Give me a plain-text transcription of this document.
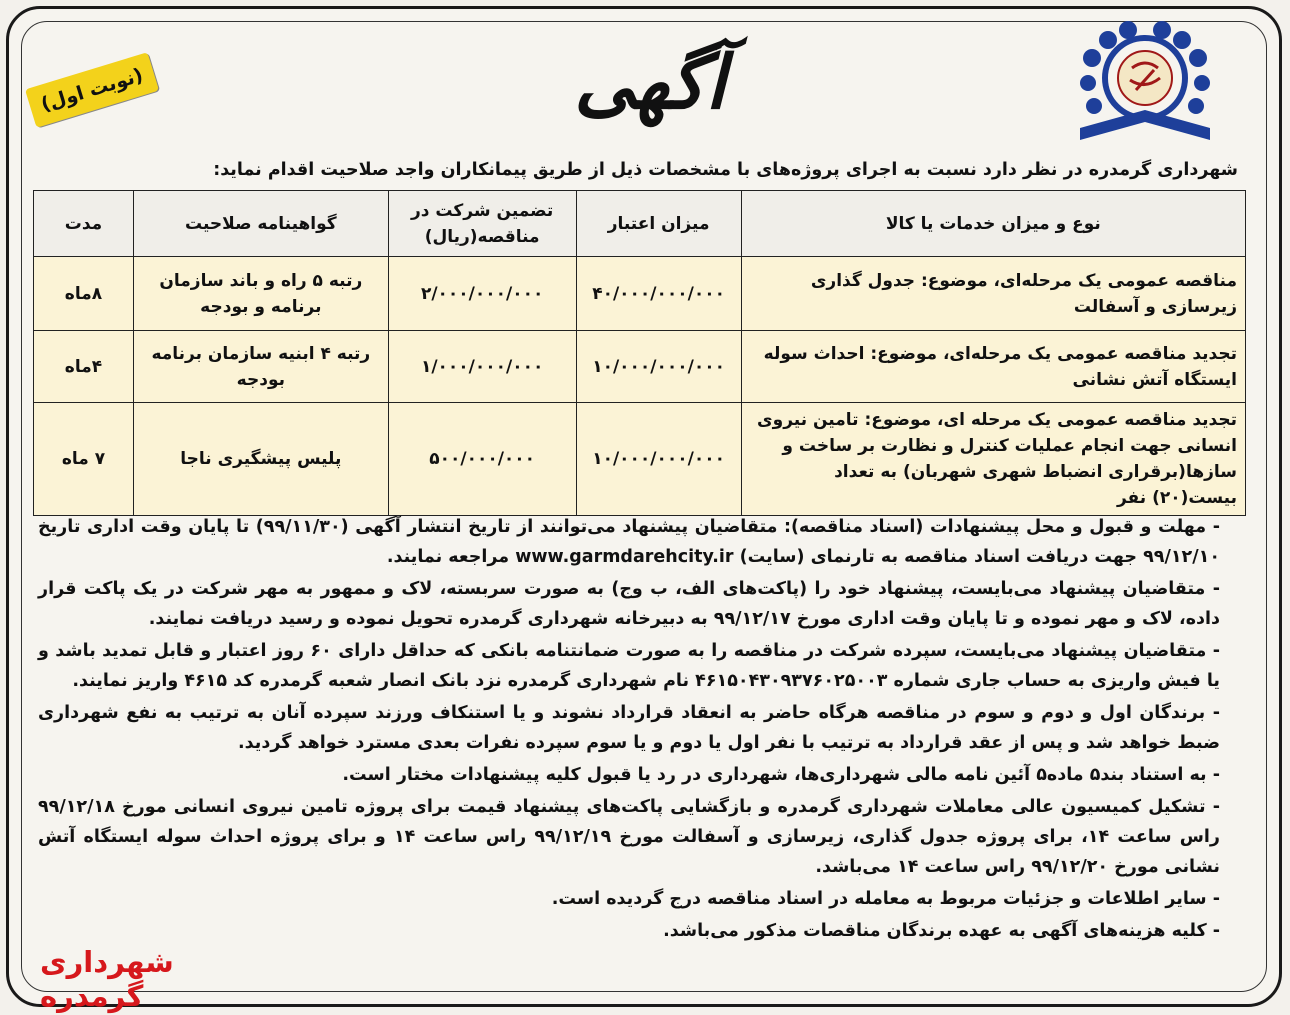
آگهی
(نوبت اول)
شهرداری گرمدره در نظر دارد نسبت به اجرای پروژه‌های با مشخصات ذیل از طریق پیمانکاران واجد صلاحیت اقدام نماید:
نوع و میزان خدمات یا کالا	میزان اعتبار	تضمین شرکت در مناقصه(ریال)	گواهینامه صلاحیت	مدت
مناقصه عمومی یک مرحله‌ای، موضوع: جدول گذاری زیرسازی و آسفالت	۴۰/۰۰۰/۰۰۰/۰۰۰	۲/۰۰۰/۰۰۰/۰۰۰	رتبه ۵ راه و باند سازمان برنامه و بودجه	۸ماه
تجدید مناقصه عمومی یک مرحله‌ای، موضوع: احداث سوله ایستگاه آتش نشانی	۱۰/۰۰۰/۰۰۰/۰۰۰	۱/۰۰۰/۰۰۰/۰۰۰	رتبه ۴ ابنیه سازمان برنامه بودجه	۴ماه
تجدید مناقصه عمومی یک مرحله ای، موضوع: تامین نیروی انسانی جهت انجام عملیات کنترل و نظارت بر ساخت و سازها(برقراری انضباط شهری شهربان) به تعداد بیست(۲۰) نفر	۱۰/۰۰۰/۰۰۰/۰۰۰	۵۰۰/۰۰۰/۰۰۰	پلیس پیشگیری ناجا	۷ ماه

- مهلت و قبول و محل پیشنهادات (اسناد مناقصه): متقاضیان پیشنهاد می‌توانند از تاریخ انتشار آگهی (۹۹/۱۱/۳۰) تا پایان وقت اداری تاریخ ۹۹/۱۲/۱۰ جهت دریافت اسناد مناقصه به تارنمای (سایت) www.garmdarehcity.ir مراجعه نمایند.

- متقاضیان پیشنهاد می‌بایست، پیشنهاد خود را (پاکت‌های الف، ب وج) به صورت سربسته، لاک و ممهور به مهر شرکت در یک پاکت قرار داده، لاک و مهر نموده و تا پایان وقت اداری مورخ ۹۹/۱۲/۱۷ به دبیرخانه شهرداری گرمدره تحویل نموده و رسید دریافت نمایند.

- متقاضیان پیشنهاد می‌بایست، سپرده شرکت در مناقصه را به صورت ضمانتنامه بانکی که حداقل دارای ۶۰ روز اعتبار و قابل تمدید باشد و یا فیش واریزی به حساب جاری شماره ۴۶۱۵۰۴۳۰۹۳۷۶۰۲۵۰۰۳ نام شهرداری گرمدره نزد بانک انصار شعبه گرمدره کد ۴۶۱۵ واریز نمایند.

- برندگان اول و دوم و سوم در مناقصه هرگاه حاضر به انعقاد قرارداد نشوند و یا استنکاف ورزند سپرده آنان به ترتیب به نفع شهرداری ضبط خواهد شد و پس از عقد قرارداد به ترتیب با نفر اول یا دوم و یا سوم سپرده نفرات بعدی مسترد خواهد گردید.

- به استناد بند۵ ماده۵ آئین نامه مالی شهرداری‌ها، شهرداری در رد یا قبول کلیه پیشنهادات مختار است.

- تشکیل کمیسیون عالی معاملات شهرداری گرمدره و بازگشایی پاکت‌های پیشنهاد قیمت برای پروژه تامین نیروی انسانی مورخ ۹۹/۱۲/۱۸ راس ساعت ۱۴، برای پروژه جدول گذاری، زیرسازی و آسفالت مورخ ۹۹/۱۲/۱۹ راس ساعت ۱۴ و برای پروژه احداث سوله ایستگاه آتش نشانی مورخ ۹۹/۱۲/۲۰ راس ساعت ۱۴ می‌باشد.

- سایر اطلاعات و جزئیات مربوط به معامله در اسناد مناقصه درج گردیده است.

- کلیه هزینه‌های آگهی به عهده برندگان مناقصات مذکور می‌باشد.

شهرداری گرمدره
